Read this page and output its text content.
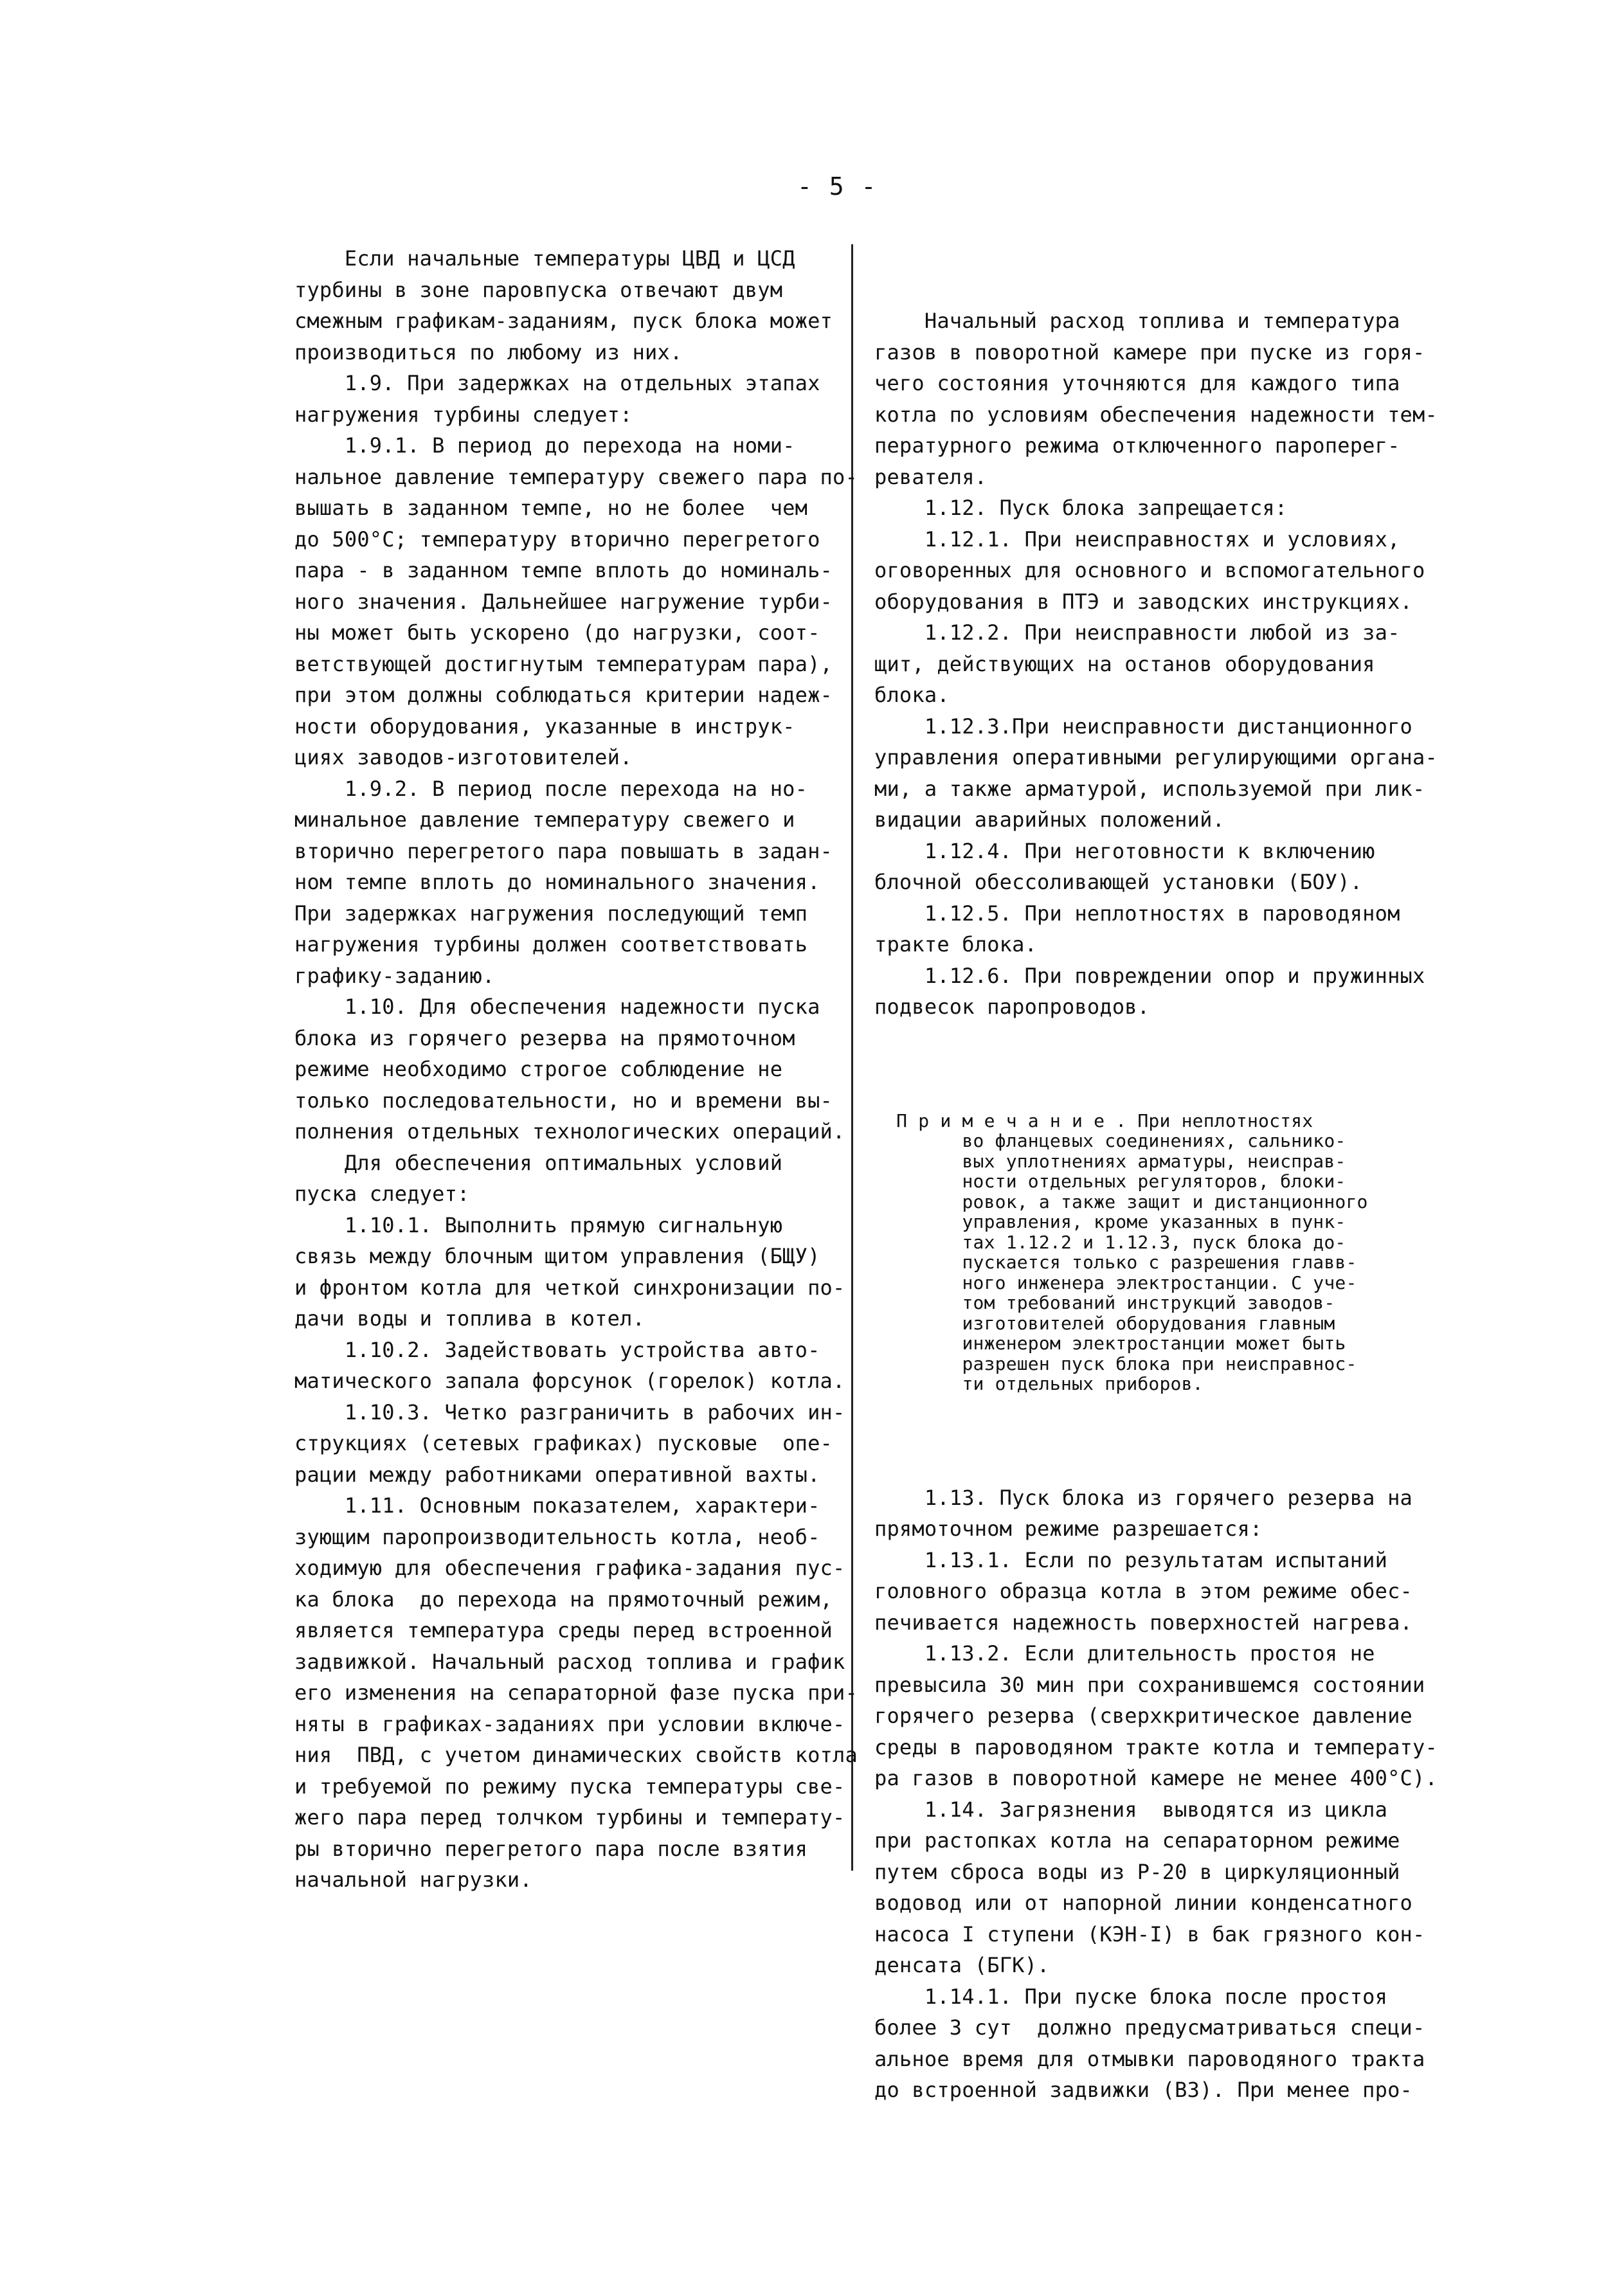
- 5 -
Если начальные температуры ЦВД и ЦСД
турбины в зоне паровпуска отвечают двум
смежным графикам-заданиям, пуск блока может
производиться по любому из них.
1.9. При задержках на отдельных этапах
нагружения турбины следует:
1.9.1. В период до перехода на номи-
нальное давление температуру свежего пара по-
вышать в заданном темпе, но не более  чем
до 500°С; температуру вторично перегретого
пара - в заданном темпе вплоть до номиналь-
ного значения. Дальнейшее нагружение турби-
ны может быть ускорено (до нагрузки, соот-
ветствующей достигнутым температурам пара),
при этом должны соблюдаться критерии надеж-
ности оборудования, указанные в инструк-
циях заводов-изготовителей.
1.9.2. В период после перехода на но-
минальное давление температуру свежего и
вторично перегретого пара повышать в задан-
ном темпе вплоть до номинального значения.
При задержках нагружения последующий темп
нагружения турбины должен соответствовать
графику-заданию.
1.10. Для обеспечения надежности пуска
блока из горячего резерва на прямоточном
режиме необходимо строгое соблюдение не
только последовательности, но и времени вы-
полнения отдельных технологических операций.
Для обеспечения оптимальных условий
пуска следует:
1.10.1. Выполнить прямую сигнальную
связь между блочным щитом управления (БЩУ)
и фронтом котла для четкой синхронизации по-
дачи воды и топлива в котел.
1.10.2. Задействовать устройства авто-
матического запала форсунок (горелок) котла.
1.10.3. Четко разграничить в рабочих ин-
струкциях (сетевых графиках) пусковые  опе-
рации между работниками оперативной вахты.
1.11. Основным показателем, характери-
зующим паропроизводительность котла, необ-
ходимую для обеспечения графика-задания пус-
ка блока  до перехода на прямоточный режим,
является температура среды перед встроенной
задвижкой. Начальный расход топлива и график
его изменения на сепараторной фазе пуска при-
няты в графиках-заданиях при условии включе-
ния  ПВД, с учетом динамических свойств котла
и требуемой по режиму пуска температуры све-
жего пара перед толчком турбины и температу-
ры вторично перегретого пара после взятия
начальной нагрузки.

Начальный расход топлива и температура
газов в поворотной камере при пуске из горя-
чего состояния уточняются для каждого типа
котла по условиям обеспечения надежности тем-
пературного режима отключенного пароперег-
ревателя.
1.12. Пуск блока запрещается:
1.12.1. При неисправностях и условиях,
оговоренных для основного и вспомогательного
оборудования в ПТЭ и заводских инструкциях.
1.12.2. При неисправности любой из за-
щит, действующих на останов оборудования
блока.
1.12.3.При неисправности дистанционного
управления оперативными регулирующими органа-
ми, а также арматурой, используемой при лик-
видации аварийных положений.
1.12.4. При неготовности к включению
блочной обессоливающей установки (БОУ).
1.12.5. При неплотностях в пароводяном
тракте блока.
1.12.6. При повреждении опор и пружинных
подвесок паропроводов.

П р и м е ч а н и е . При неплотностях
во фланцевых соединениях, сальнико-
вых уплотнениях арматуры, неисправ-
ности отдельных регуляторов, блоки-
ровок, а также защит и дистанционного
управления, кроме указанных в пунк-
тах 1.12.2 и 1.12.3, пуск блока до-
пускается только с разрешения главв-
ного инженера электростанции. С уче-
том требований инструкций заводов-
изготовителей оборудования главным
инженером электростанции может быть
разрешен пуск блока при неисправнос-
ти отдельных приборов.

1.13. Пуск блока из горячего резерва на
прямоточном режиме разрешается:
1.13.1. Если по результатам испытаний
головного образца котла в этом режиме обес-
печивается надежность поверхностей нагрева.
1.13.2. Если длительность простоя не
превысила 30 мин при сохранившемся состоянии
горячего резерва (сверхкритическое давление
среды в пароводяном тракте котла и температу-
ра газов в поворотной камере не менее 400°С).
1.14. Загрязнения  выводятся из цикла
при растопках котла на сепараторном режиме
путем сброса воды из Р-20 в циркуляционный
водовод или от напорной линии конденсатного
насоса I ступени (КЭН-I) в бак грязного кон-
денсата (БГК).
1.14.1. При пуске блока после простоя
более 3 сут  должно предусматриваться специ-
альное время для отмывки пароводяного тракта
до встроенной задвижки (ВЗ). При менее про-
